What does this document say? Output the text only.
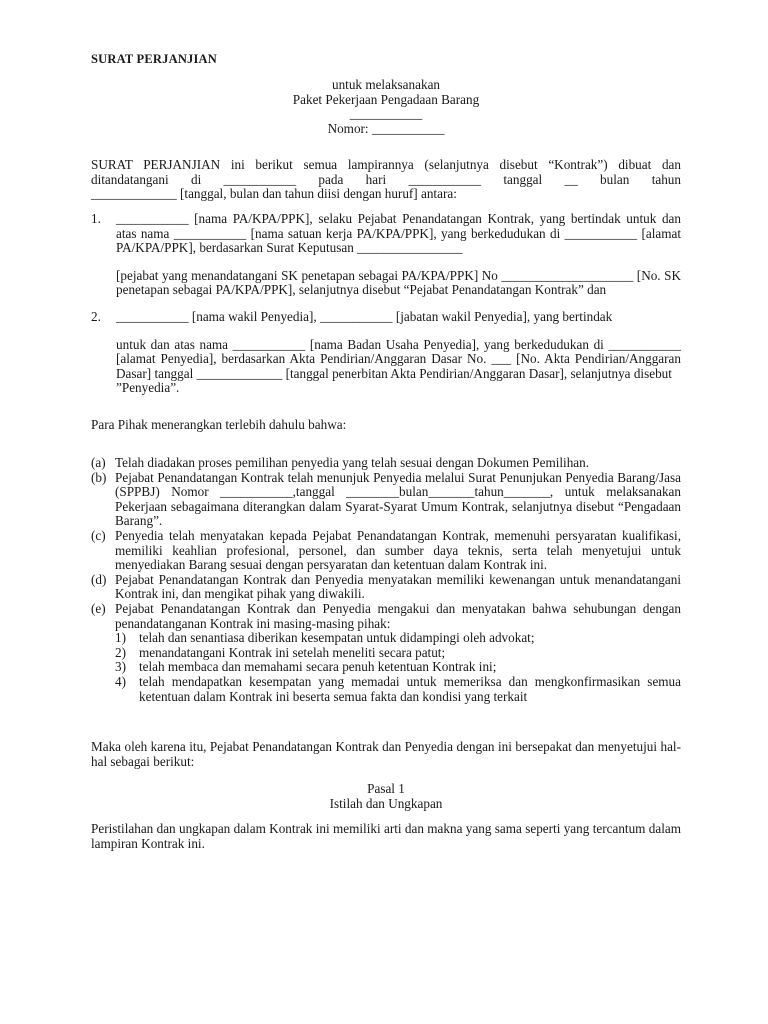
SURAT PERJANJIAN

untuk melaksanakan

Paket Pekerjaan Pengadaan Barang

___________

Nomor: ___________

SURAT PERJANJIAN ini berikut semua lampirannya (selanjutnya disebut “Kontrak”) dibuat dan

ditandatangani di ___________ pada hari ___________ tanggal __ bulan tahun

_____________ [tanggal, bulan dan tahun diisi dengan huruf] antara:

1.	___________ [nama PA/KPA/PPK], selaku Pejabat Penandatangan Kontrak, yang bertindak untuk dan atas nama ___________ [nama satuan kerja PA/KPA/PPK], yang berkedudukan di ___________ [alamat PA/KPA/PPK], berdasarkan Surat Keputusan ________________

[pejabat yang menandatangani SK penetapan sebagai PA/KPA/PPK] No ____________________ [No. SK penetapan sebagai PA/KPA/PPK], selanjutnya disebut “Pejabat Penandatangan Kontrak” dan

2.	___________ [nama wakil Penyedia], ___________ [jabatan wakil Penyedia], yang bertindak

untuk dan atas nama ___________ [nama Badan Usaha Penyedia], yang berkedudukan di ___________ [alamat Penyedia], berdasarkan Akta Pendirian/Anggaran Dasar No. ___ [No. Akta Pendirian/Anggaran Dasar] tanggal _____________ [tanggal penerbitan Akta Pendirian/Anggaran Dasar], selanjutnya disebut

”Penyedia”.

Para Pihak menerangkan terlebih dahulu bahwa:
(a) Telah diadakan proses pemilihan penyedia yang telah sesuai dengan Dokumen Pemilihan.
(b) Pejabat Penandatangan Kontrak telah menunjuk Penyedia melalui Surat Penunjukan Penyedia Barang/Jasa (SPPBJ) Nomor ___________,tanggal ________bulan_______tahun_______, untuk melaksanakan Pekerjaan sebagaimana diterangkan dalam Syarat-Syarat Umum Kontrak, selanjutnya disebut “Pengadaan Barang”.
(c) Penyedia telah menyatakan kepada Pejabat Penandatangan Kontrak, memenuhi persyaratan kualifikasi, memiliki keahlian profesional, personel, dan sumber daya teknis, serta telah menyetujui untuk menyediakan Barang sesuai dengan persyaratan dan ketentuan dalam Kontrak ini.
(d) Pejabat Penandatangan Kontrak dan Penyedia menyatakan memiliki kewenangan untuk menandatangani Kontrak ini, dan mengikat pihak yang diwakili.
(e) Pejabat Penandatangan Kontrak dan Penyedia mengakui dan menyatakan bahwa sehubungan dengan penandatanganan Kontrak ini masing-masing pihak:
1) telah dan senantiasa diberikan kesempatan untuk didampingi oleh advokat;
2) menandatangani Kontrak ini setelah meneliti secara patut;
3) telah membaca dan memahami secara penuh ketentuan Kontrak ini;
4) telah mendapatkan kesempatan yang memadai untuk memeriksa dan mengkonfirmasikan semua ketentuan dalam Kontrak ini beserta semua fakta dan kondisi yang terkait
Maka oleh karena itu, Pejabat Penandatangan Kontrak dan Penyedia dengan ini bersepakat dan menyetujui hal-hal sebagai berikut:

Pasal 1

Istilah dan Ungkapan

Peristilahan dan ungkapan dalam Kontrak ini memiliki arti dan makna yang sama seperti yang tercantum dalam lampiran Kontrak ini.
